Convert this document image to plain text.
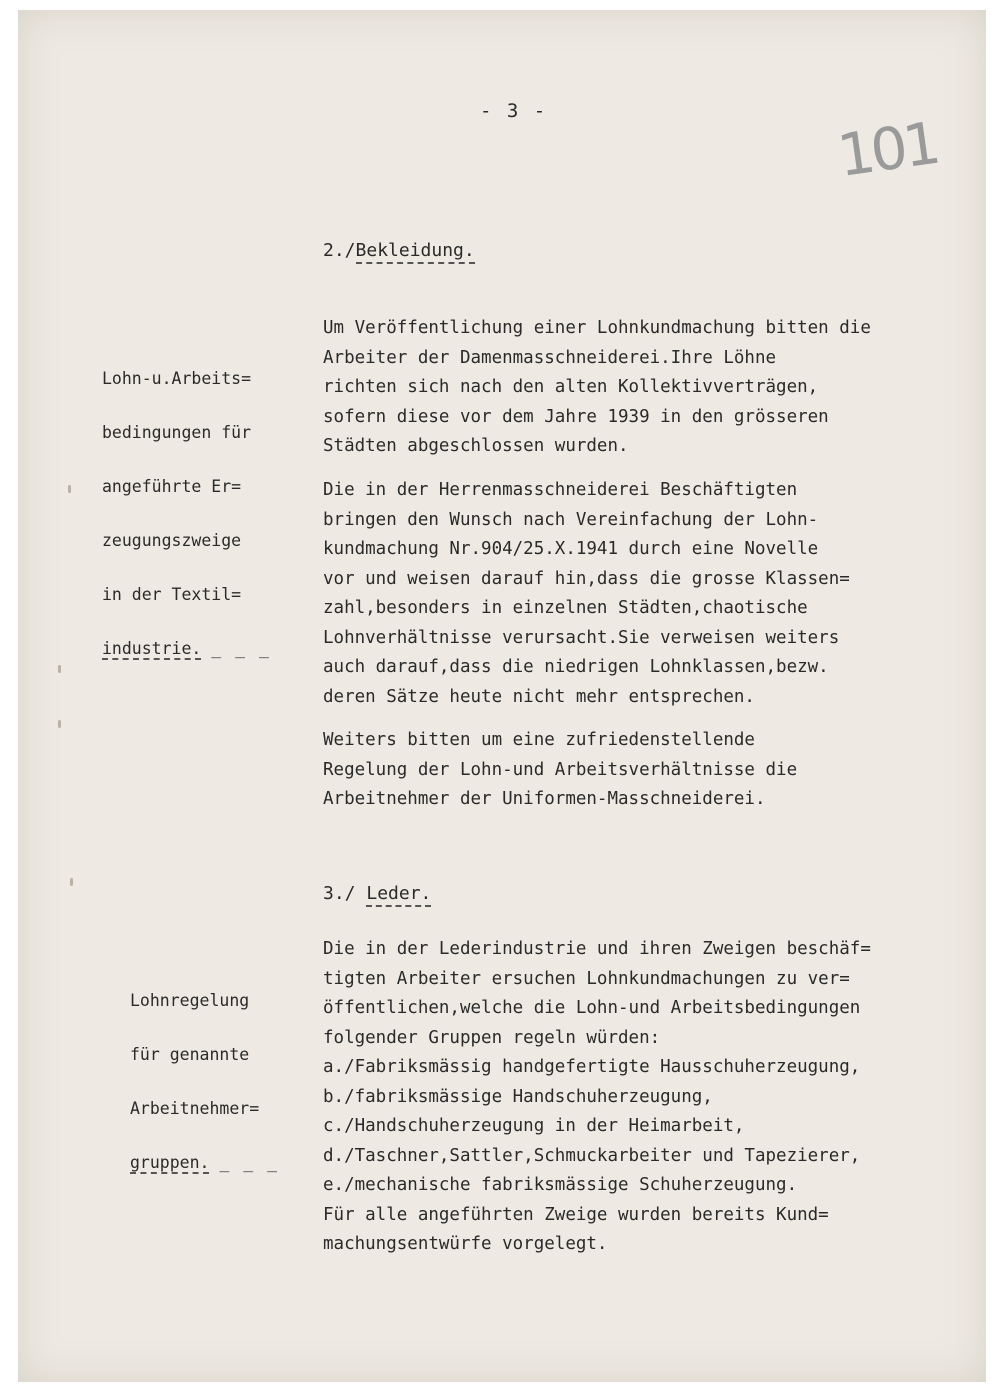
- 3 -	101
2./Bekleidung.

Lohn-u.Arbeits=

bedingungen für

angeführte Er=

zeugungszweige

in der Textil=

industrie. _ _ _

Um Veröffentlichung einer Lohnkundmachung bitten die
Arbeiter der Damenmasschneiderei.Ihre Löhne
richten sich nach den alten Kollektivverträgen,
sofern diese vor dem Jahre 1939 in den grösseren
Städten abgeschlossen wurden.
Die in der Herrenmasschneiderei Beschäftigten
bringen den Wunsch nach Vereinfachung der Lohn-
kundmachung Nr.904/25.X.1941 durch eine Novelle
vor und weisen darauf hin,dass die grosse Klassen=
zahl,besonders in einzelnen Städten,chaotische
Lohnverhältnisse verursacht.Sie verweisen weiters
auch darauf,dass die niedrigen Lohnklassen,bezw.
deren Sätze heute nicht mehr entsprechen.
Weiters bitten um eine zufriedenstellende
Regelung der Lohn-und Arbeitsverhältnisse die
Arbeitnehmer der Uniformen-Masschneiderei.
3./ Leder.

Lohnregelung

für genannte

Arbeitnehmer=

gruppen. _ _ _

Die in der Lederindustrie und ihren Zweigen beschäf=
tigten Arbeiter ersuchen Lohnkundmachungen zu ver=
öffentlichen,welche die Lohn-und Arbeitsbedingungen
folgender Gruppen regeln würden:
a./Fabriksmässig handgefertigte Hausschuherzeugung,
b./fabriksmässige Handschuherzeugung,
c./Handschuherzeugung in der Heimarbeit,
d./Taschner,Sattler,Schmuckarbeiter und Tapezierer,
e./mechanische fabriksmässige Schuherzeugung.
Für alle angeführten Zweige wurden bereits Kund=
machungsentwürfe vorgelegt.
